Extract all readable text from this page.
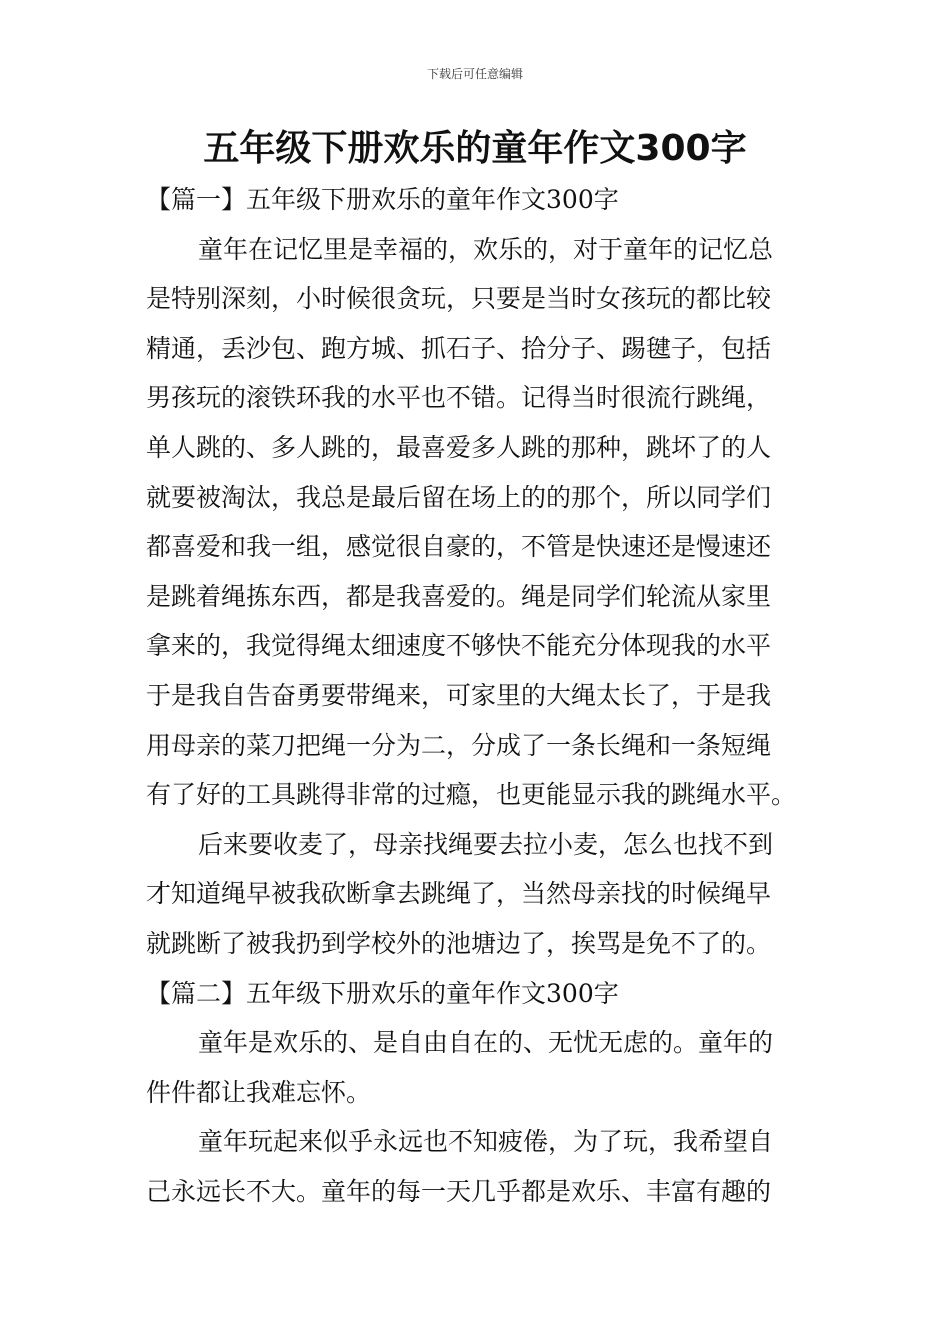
下载后可任意编辑
五年级下册欢乐的童年作文300字

【篇一】五年级下册欢乐的童年作文300字

童年在记忆里是幸福的，欢乐的，对于童年的记忆总

是特别深刻，小时候很贪玩，只要是当时女孩玩的都比较

精通，丢沙包、跑方城、抓石子、拾分子、踢毽子，包括

男孩玩的滚铁环我的水平也不错。记得当时很流行跳绳，

单人跳的、多人跳的，最喜爱多人跳的那种，跳坏了的人

就要被淘汰，我总是最后留在场上的的那个，所以同学们

都喜爱和我一组，感觉很自豪的，不管是快速还是慢速还

是跳着绳拣东西，都是我喜爱的。绳是同学们轮流从家里

拿来的，我觉得绳太细速度不够快不能充分体现我的水平

于是我自告奋勇要带绳来，可家里的大绳太长了，于是我

用母亲的菜刀把绳一分为二，分成了一条长绳和一条短绳

有了好的工具跳得非常的过瘾，也更能显示我的跳绳水平。

后来要收麦了，母亲找绳要去拉小麦，怎么也找不到

才知道绳早被我砍断拿去跳绳了，当然母亲找的时候绳早

就跳断了被我扔到学校外的池塘边了，挨骂是免不了的。

【篇二】五年级下册欢乐的童年作文300字

童年是欢乐的、是自由自在的、无忧无虑的。童年的

件件都让我难忘怀。

童年玩起来似乎永远也不知疲倦，为了玩，我希望自

己永远长不大。童年的每一天几乎都是欢乐、丰富有趣的
